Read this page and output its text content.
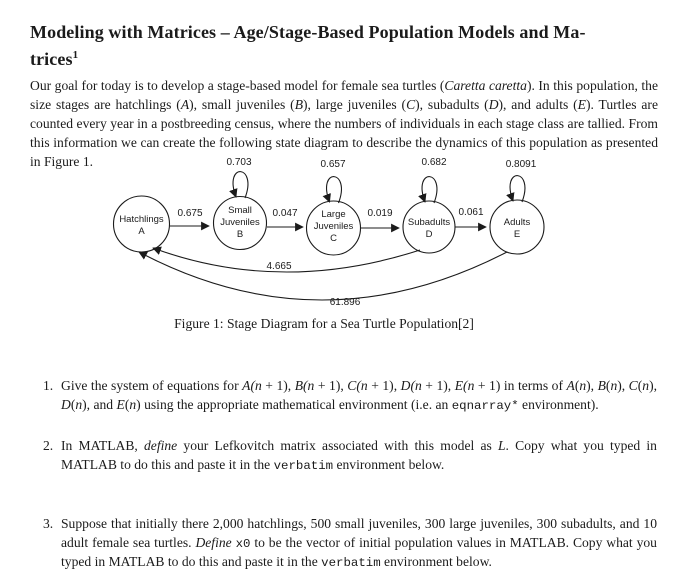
Modeling with Matrices – Age/Stage-Based Population Models and Ma-
trices$^1$

Our goal for today is to develop a stage-based model for female sea turtles (Caretta caretta). In this population, the size stages are hatchlings (A), small juveniles (B), large juveniles (C), subadults (D), and adults (E). Turtles are counted every year in a postbreeding census, where the numbers of individuals in each stage class are tallied. From this information we can create the following state diagram to describe the dynamics of this population as presented in Figure 1.	0.703	0.657	0.682	0.8091
0.675	0.047	0.019	0.061
4.665
61.896
Hatchlings
A
Small
Juveniles
B
Large
Juveniles
C
Subadults
D
Adults
E
Figure 1: Stage Diagram for a Sea Turtle Population[2]
1. Give the system of equations for A(n + 1), B(n + 1), C(n + 1), D(n + 1), E(n + 1) in terms of A(n), B(n), C(n), D(n), and E(n) using the appropriate mathematical environment (i.e. an eqnarray* environment).
2. In MATLAB, define your Lefkovitch matrix associated with this model as L. Copy what you typed in MATLAB to do this and paste it in the verbatim environment below.
3. Suppose that initially there 2,000 hatchlings, 500 small juveniles, 300 large juveniles, 300 subadults, and 10 adult female sea turtles. Define x0 to be the vector of initial population values in MATLAB. Copy what you typed in MATLAB to do this and paste it in the verbatim environment below.
